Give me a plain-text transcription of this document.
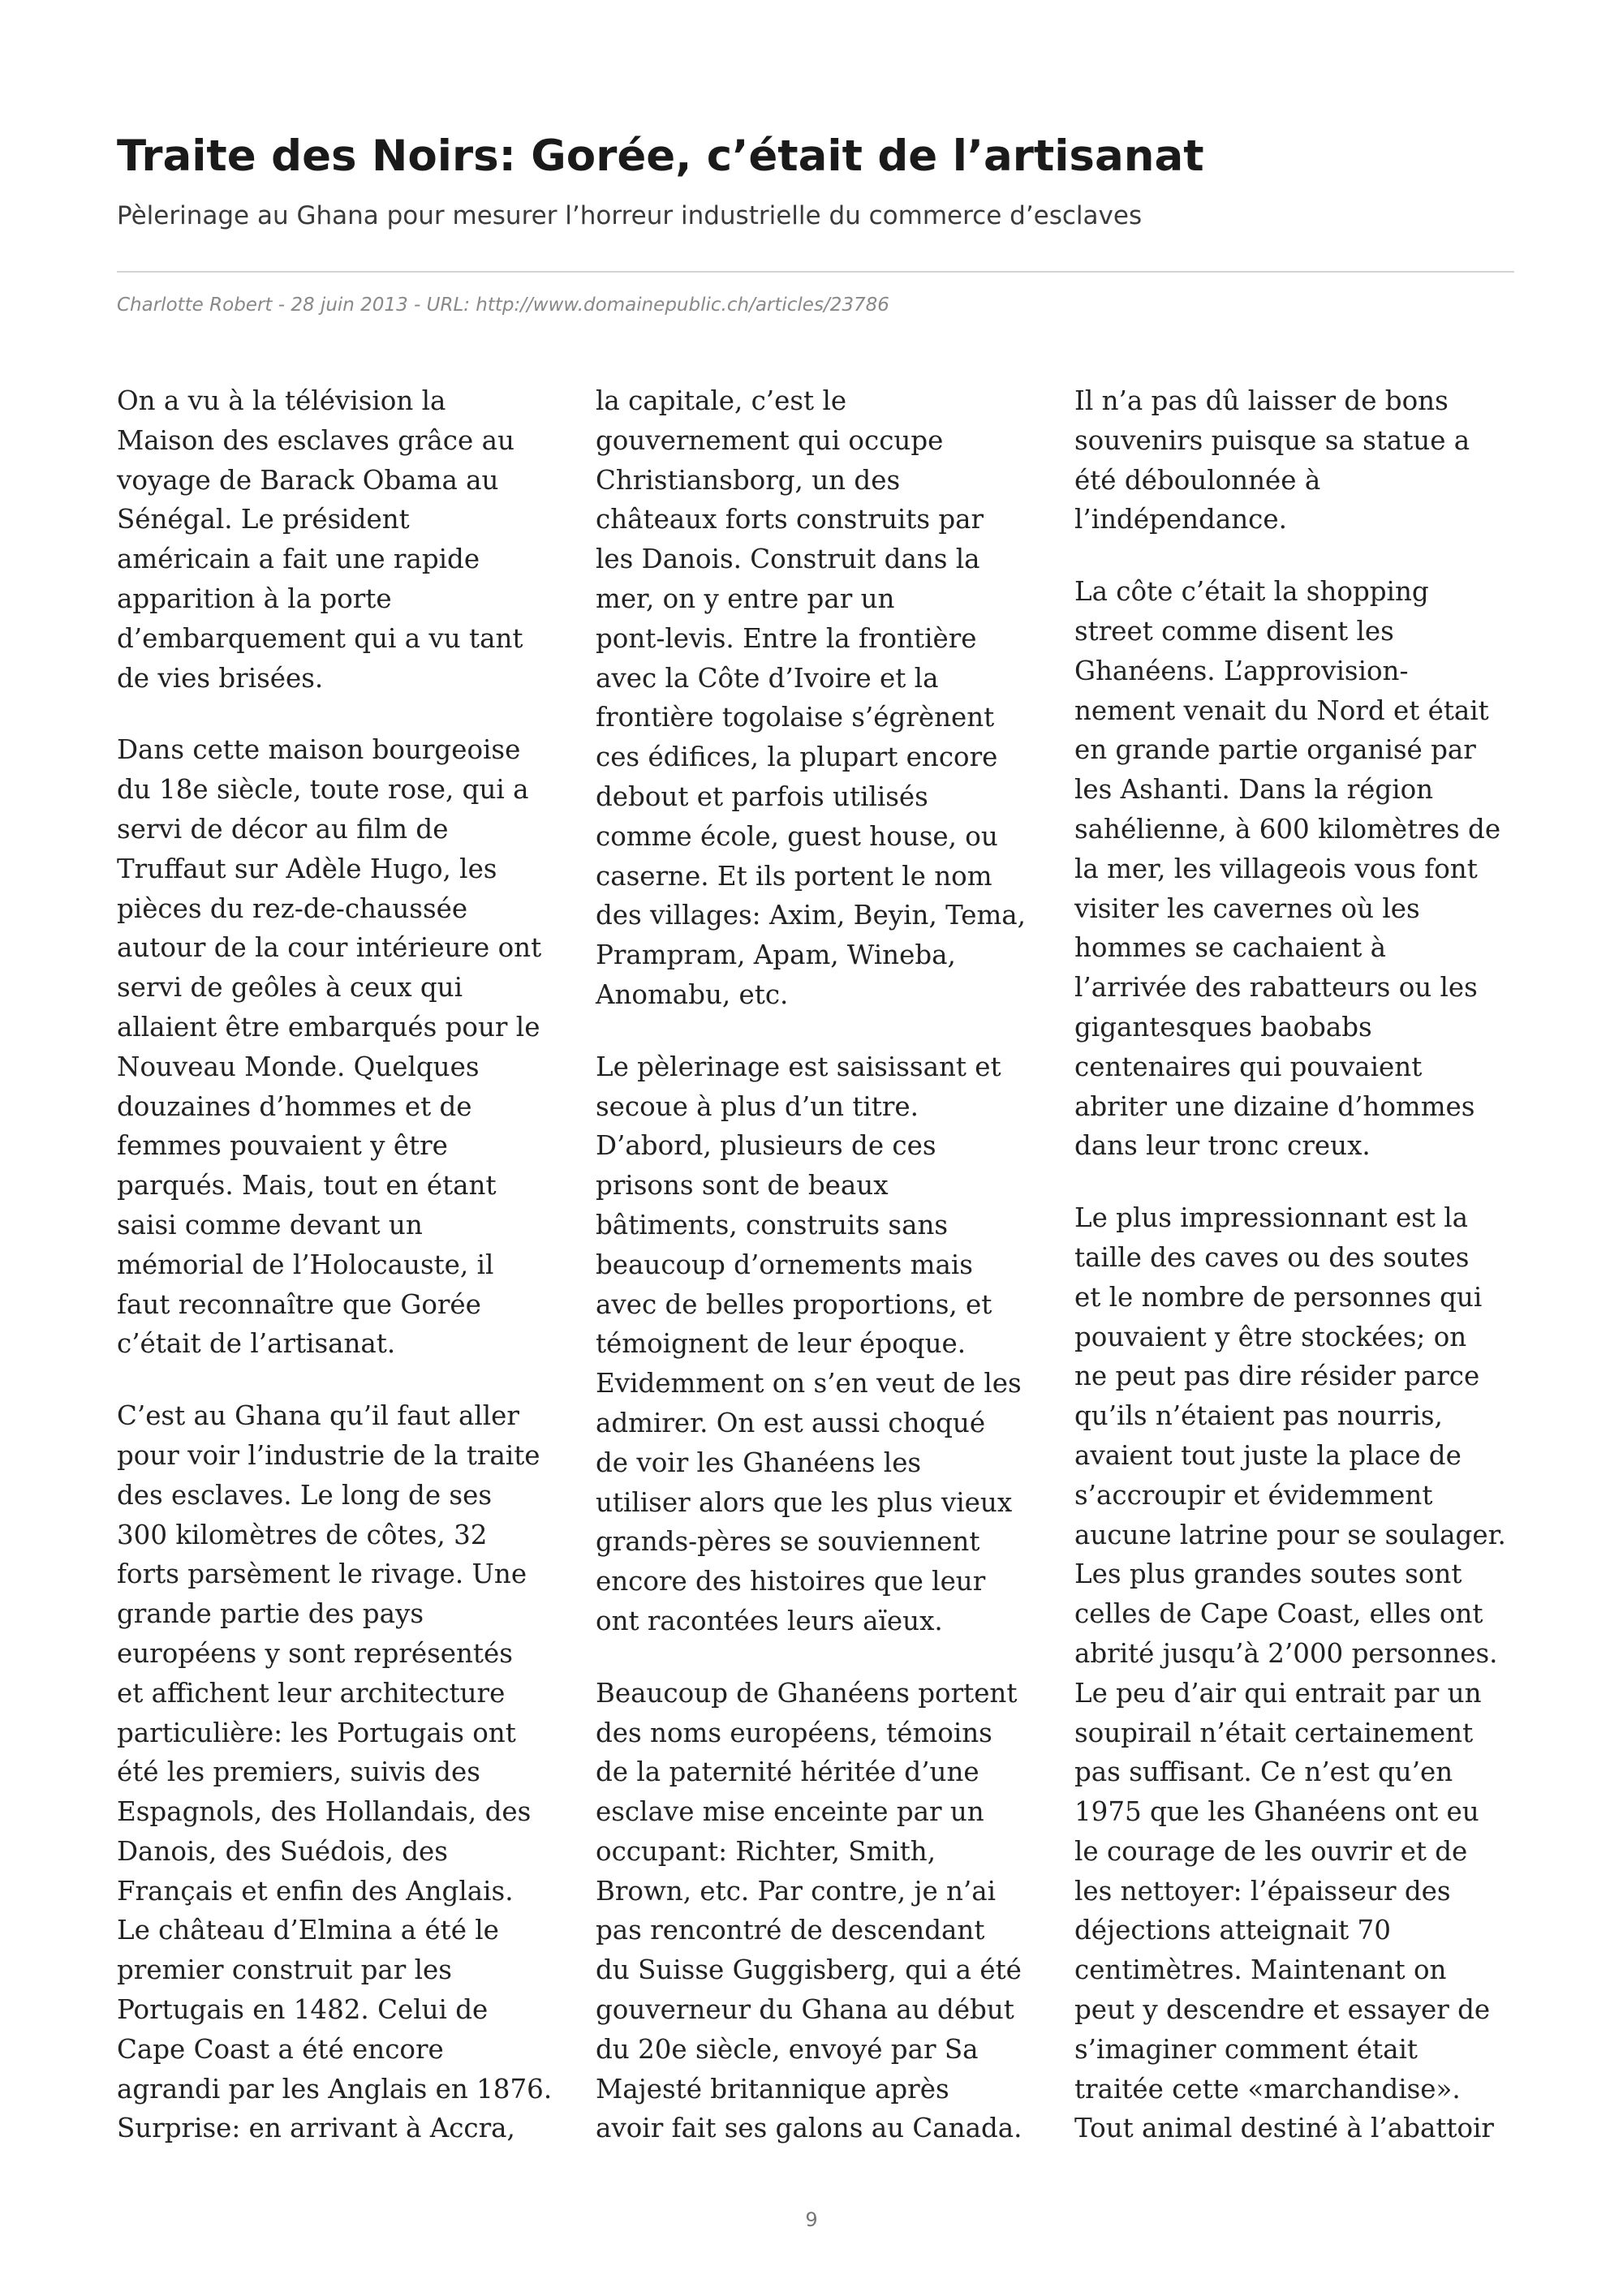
Traite des Noirs: Gorée, c’était de l’artisanat
Pèlerinage au Ghana pour mesurer l’horreur industrielle du commerce d’esclaves
Charlotte Robert - 28 juin 2013 - URL: http://www.domainepublic.ch/articles/23786

On a vu à la télévision la
Maison des esclaves grâce au
voyage de Barack Obama au
Sénégal. Le président
américain a fait une rapide
apparition à la porte
d’embarquement qui a vu tant
de vies brisées.

Dans cette maison bourgeoise
du 18e siècle, toute rose, qui a
servi de décor au film de
Truffaut sur Adèle Hugo, les
pièces du rez-de-chaussée
autour de la cour intérieure ont
servi de geôles à ceux qui
allaient être embarqués pour le
Nouveau Monde. Quelques
douzaines d’hommes et de
femmes pouvaient y être
parqués. Mais, tout en étant
saisi comme devant un
mémorial de l’Holocauste, il
faut reconnaître que Gorée
c’était de l’artisanat.

C’est au Ghana qu’il faut aller
pour voir l’industrie de la traite
des esclaves. Le long de ses
300 kilomètres de côtes, 32
forts parsèment le rivage. Une
grande partie des pays
européens y sont représentés
et affichent leur architecture
particulière: les Portugais ont
été les premiers, suivis des
Espagnols, des Hollandais, des
Danois, des Suédois, des
Français et enfin des Anglais.
Le château d’Elmina a été le
premier construit par les
Portugais en 1482. Celui de
Cape Coast a été encore
agrandi par les Anglais en 1876.
Surprise: en arrivant à Accra,

la capitale, c’est le
gouvernement qui occupe
Christiansborg, un des
châteaux forts construits par
les Danois. Construit dans la
mer, on y entre par un
pont-levis. Entre la frontière
avec la Côte d’Ivoire et la
frontière togolaise s’égrènent
ces édifices, la plupart encore
debout et parfois utilisés
comme école, guest house, ou
caserne. Et ils portent le nom
des villages: Axim, Beyin, Tema,
Prampram, Apam, Wineba,
Anomabu, etc.

Le pèlerinage est saisissant et
secoue à plus d’un titre.
D’abord, plusieurs de ces
prisons sont de beaux
bâtiments, construits sans
beaucoup d’ornements mais
avec de belles proportions, et
témoignent de leur époque.
Evidemment on s’en veut de les
admirer. On est aussi choqué
de voir les Ghanéens les
utiliser alors que les plus vieux
grands-pères se souviennent
encore des histoires que leur
ont racontées leurs aïeux.

Beaucoup de Ghanéens portent
des noms européens, témoins
de la paternité héritée d’une
esclave mise enceinte par un
occupant: Richter, Smith,
Brown, etc. Par contre, je n’ai
pas rencontré de descendant
du Suisse Guggisberg, qui a été
gouverneur du Ghana au début
du 20e siècle, envoyé par Sa
Majesté britannique après
avoir fait ses galons au Canada.

Il n’a pas dû laisser de bons
souvenirs puisque sa statue a
été déboulonnée à
l’indépendance.

La côte c’était la shopping
street comme disent les
Ghanéens. L’approvision-
nement venait du Nord et était
en grande partie organisé par
les Ashanti. Dans la région
sahélienne, à 600 kilomètres de
la mer, les villageois vous font
visiter les cavernes où les
hommes se cachaient à
l’arrivée des rabatteurs ou les
gigantesques baobabs
centenaires qui pouvaient
abriter une dizaine d’hommes
dans leur tronc creux.

Le plus impressionnant est la
taille des caves ou des soutes
et le nombre de personnes qui
pouvaient y être stockées; on
ne peut pas dire résider parce
qu’ils n’étaient pas nourris,
avaient tout juste la place de
s’accroupir et évidemment
aucune latrine pour se soulager.
Les plus grandes soutes sont
celles de Cape Coast, elles ont
abrité jusqu’à 2’000 personnes.
Le peu d’air qui entrait par un
soupirail n’était certainement
pas suffisant. Ce n’est qu’en
1975 que les Ghanéens ont eu
le courage de les ouvrir et de
les nettoyer: l’épaisseur des
déjections atteignait 70
centimètres. Maintenant on
peut y descendre et essayer de
s’imaginer comment était
traitée cette «marchandise».
Tout animal destiné à l’abattoir

9
